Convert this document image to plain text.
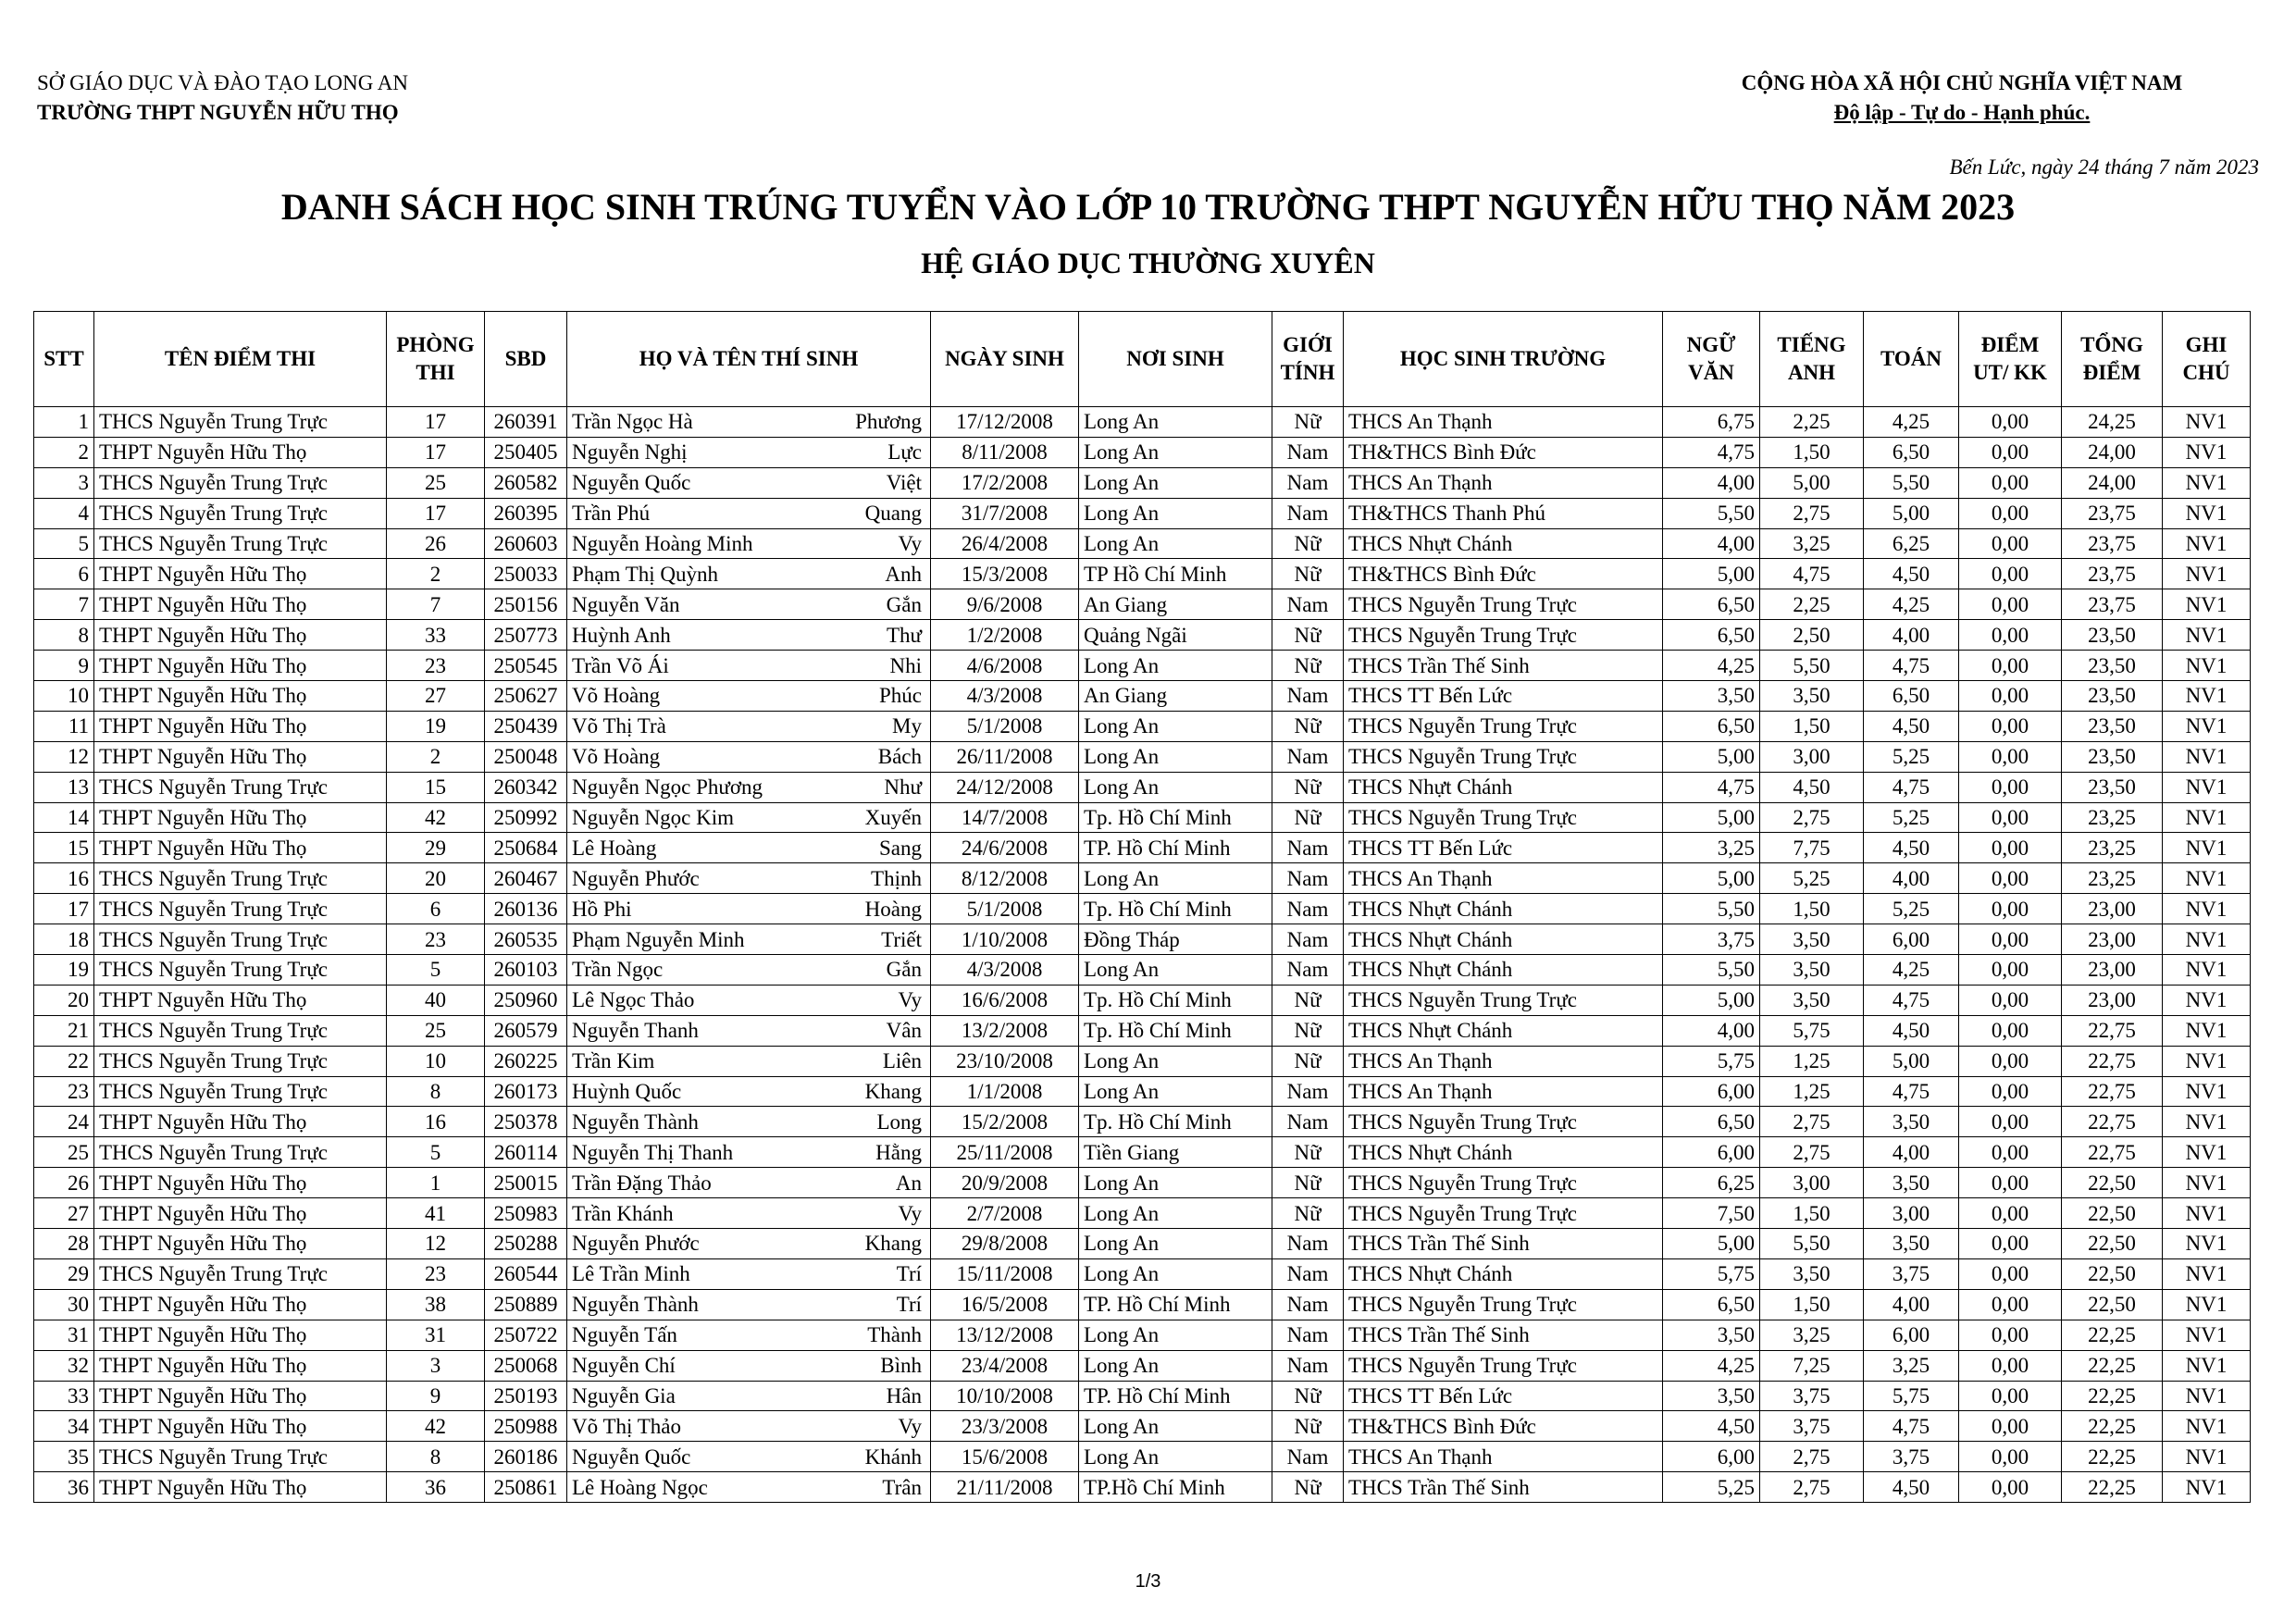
SỞ GIÁO DỤC VÀ ĐÀO TẠO LONG AN
TRƯỜNG THPT NGUYỄN HỮU THỌ
CỘNG HÒA XÃ HỘI CHỦ NGHĨA VIỆT NAM
Độ lập - Tự do - Hạnh phúc.
Bến Lức, ngày 24 tháng 7 năm 2023
DANH SÁCH HỌC SINH TRÚNG TUYỂN VÀO LỚP 10 TRƯỜNG THPT NGUYỄN HỮU THỌ NĂM 2023
HỆ GIÁO DỤC THƯỜNG XUYÊN
STT	TÊN ĐIỂM THI	PHÒNG THI	SBD	HỌ VÀ TÊN THÍ SINH	NGÀY SINH	NƠI SINH	GIỚI TÍNH	HỌC SINH TRƯỜNG	NGỮ VĂN	TIẾNG ANH	TOÁN	ĐIỂM UT/ KK	TỔNG ĐIỂM	GHI CHÚ
1	THCS Nguyễn Trung Trực	17	260391	Trần Ngọc Hà Phương	17/12/2008	Long An	Nữ	THCS An Thạnh	6,75	2,25	4,25	0,00	24,25	NV1
2	THPT Nguyễn Hữu Thọ	17	250405	Nguyễn Nghị Lực	8/11/2008	Long An	Nam	TH&THCS Bình Đức	4,75	1,50	6,50	0,00	24,00	NV1
3	THCS Nguyễn Trung Trực	25	260582	Nguyễn Quốc Việt	17/2/2008	Long An	Nam	THCS An Thạnh	4,00	5,00	5,50	0,00	24,00	NV1
4	THCS Nguyễn Trung Trực	17	260395	Trần Phú Quang	31/7/2008	Long An	Nam	TH&THCS Thanh Phú	5,50	2,75	5,00	0,00	23,75	NV1
5	THCS Nguyễn Trung Trực	26	260603	Nguyễn Hoàng Minh Vy	26/4/2008	Long An	Nữ	THCS Nhựt Chánh	4,00	3,25	6,25	0,00	23,75	NV1
6	THPT Nguyễn Hữu Thọ	2	250033	Phạm Thị Quỳnh Anh	15/3/2008	TP Hồ Chí Minh	Nữ	TH&THCS Bình Đức	5,00	4,75	4,50	0,00	23,75	NV1
7	THPT Nguyễn Hữu Thọ	7	250156	Nguyễn Văn Gắn	9/6/2008	An Giang	Nam	THCS Nguyễn Trung Trực	6,50	2,25	4,25	0,00	23,75	NV1
8	THPT Nguyễn Hữu Thọ	33	250773	Huỳnh Anh Thư	1/2/2008	Quảng Ngãi	Nữ	THCS Nguyễn Trung Trực	6,50	2,50	4,00	0,00	23,50	NV1
9	THPT Nguyễn Hữu Thọ	23	250545	Trần Võ Ái Nhi	4/6/2008	Long An	Nữ	THCS Trần Thế Sinh	4,25	5,50	4,75	0,00	23,50	NV1
10	THPT Nguyễn Hữu Thọ	27	250627	Võ Hoàng Phúc	4/3/2008	An Giang	Nam	THCS TT Bến Lức	3,50	3,50	6,50	0,00	23,50	NV1
11	THPT Nguyễn Hữu Thọ	19	250439	Võ Thị Trà My	5/1/2008	Long An	Nữ	THCS Nguyễn Trung Trực	6,50	1,50	4,50	0,00	23,50	NV1
12	THPT Nguyễn Hữu Thọ	2	250048	Võ Hoàng Bách	26/11/2008	Long An	Nam	THCS Nguyễn Trung Trực	5,00	3,00	5,25	0,00	23,50	NV1
13	THCS Nguyễn Trung Trực	15	260342	Nguyễn Ngọc Phương Như	24/12/2008	Long An	Nữ	THCS Nhựt Chánh	4,75	4,50	4,75	0,00	23,50	NV1
14	THPT Nguyễn Hữu Thọ	42	250992	Nguyễn Ngọc Kim Xuyến	14/7/2008	Tp. Hồ Chí Minh	Nữ	THCS Nguyễn Trung Trực	5,00	2,75	5,25	0,00	23,25	NV1
15	THPT Nguyễn Hữu Thọ	29	250684	Lê Hoàng Sang	24/6/2008	TP. Hồ Chí Minh	Nam	THCS TT Bến Lức	3,25	7,75	4,50	0,00	23,25	NV1
16	THCS Nguyễn Trung Trực	20	260467	Nguyễn Phước Thịnh	8/12/2008	Long An	Nam	THCS An Thạnh	5,00	5,25	4,00	0,00	23,25	NV1
17	THCS Nguyễn Trung Trực	6	260136	Hồ Phi Hoàng	5/1/2008	Tp. Hồ Chí Minh	Nam	THCS Nhựt Chánh	5,50	1,50	5,25	0,00	23,00	NV1
18	THCS Nguyễn Trung Trực	23	260535	Phạm Nguyễn Minh Triết	1/10/2008	Đồng Tháp	Nam	THCS Nhựt Chánh	3,75	3,50	6,00	0,00	23,00	NV1
19	THCS Nguyễn Trung Trực	5	260103	Trần Ngọc Gắn	4/3/2008	Long An	Nam	THCS Nhựt Chánh	5,50	3,50	4,25	0,00	23,00	NV1
20	THPT Nguyễn Hữu Thọ	40	250960	Lê Ngọc Thảo Vy	16/6/2008	Tp. Hồ Chí Minh	Nữ	THCS Nguyễn Trung Trực	5,00	3,50	4,75	0,00	23,00	NV1
21	THCS Nguyễn Trung Trực	25	260579	Nguyễn Thanh Vân	13/2/2008	Tp. Hồ Chí Minh	Nữ	THCS Nhựt Chánh	4,00	5,75	4,50	0,00	22,75	NV1
22	THCS Nguyễn Trung Trực	10	260225	Trần Kim Liên	23/10/2008	Long An	Nữ	THCS An Thạnh	5,75	1,25	5,00	0,00	22,75	NV1
23	THCS Nguyễn Trung Trực	8	260173	Huỳnh Quốc Khang	1/1/2008	Long An	Nam	THCS An Thạnh	6,00	1,25	4,75	0,00	22,75	NV1
24	THPT Nguyễn Hữu Thọ	16	250378	Nguyễn Thành Long	15/2/2008	Tp. Hồ Chí Minh	Nam	THCS Nguyễn Trung Trực	6,50	2,75	3,50	0,00	22,75	NV1
25	THCS Nguyễn Trung Trực	5	260114	Nguyễn Thị Thanh Hằng	25/11/2008	Tiền Giang	Nữ	THCS Nhựt Chánh	6,00	2,75	4,00	0,00	22,75	NV1
26	THPT Nguyễn Hữu Thọ	1	250015	Trần Đặng Thảo An	20/9/2008	Long An	Nữ	THCS Nguyễn Trung Trực	6,25	3,00	3,50	0,00	22,50	NV1
27	THPT Nguyễn Hữu Thọ	41	250983	Trần Khánh Vy	2/7/2008	Long An	Nữ	THCS Nguyễn Trung Trực	7,50	1,50	3,00	0,00	22,50	NV1
28	THPT Nguyễn Hữu Thọ	12	250288	Nguyễn Phước Khang	29/8/2008	Long An	Nam	THCS Trần Thế Sinh	5,00	5,50	3,50	0,00	22,50	NV1
29	THCS Nguyễn Trung Trực	23	260544	Lê Trần Minh Trí	15/11/2008	Long An	Nam	THCS Nhựt Chánh	5,75	3,50	3,75	0,00	22,50	NV1
30	THPT Nguyễn Hữu Thọ	38	250889	Nguyễn Thành Trí	16/5/2008	TP. Hồ Chí Minh	Nam	THCS Nguyễn Trung Trực	6,50	1,50	4,00	0,00	22,50	NV1
31	THPT Nguyễn Hữu Thọ	31	250722	Nguyễn Tấn Thành	13/12/2008	Long An	Nam	THCS Trần Thế Sinh	3,50	3,25	6,00	0,00	22,25	NV1
32	THPT Nguyễn Hữu Thọ	3	250068	Nguyễn Chí Bình	23/4/2008	Long An	Nam	THCS Nguyễn Trung Trực	4,25	7,25	3,25	0,00	22,25	NV1
33	THPT Nguyễn Hữu Thọ	9	250193	Nguyễn Gia Hân	10/10/2008	TP. Hồ Chí Minh	Nữ	THCS TT Bến Lức	3,50	3,75	5,75	0,00	22,25	NV1
34	THPT Nguyễn Hữu Thọ	42	250988	Võ Thị Thảo Vy	23/3/2008	Long An	Nữ	TH&THCS Bình Đức	4,50	3,75	4,75	0,00	22,25	NV1
35	THCS Nguyễn Trung Trực	8	260186	Nguyễn Quốc Khánh	15/6/2008	Long An	Nam	THCS An Thạnh	6,00	2,75	3,75	0,00	22,25	NV1
36	THPT Nguyễn Hữu Thọ	36	250861	Lê Hoàng Ngọc Trân	21/11/2008	TP.Hồ Chí Minh	Nữ	THCS Trần Thế Sinh	5,25	2,75	4,50	0,00	22,25	NV1
1/3
